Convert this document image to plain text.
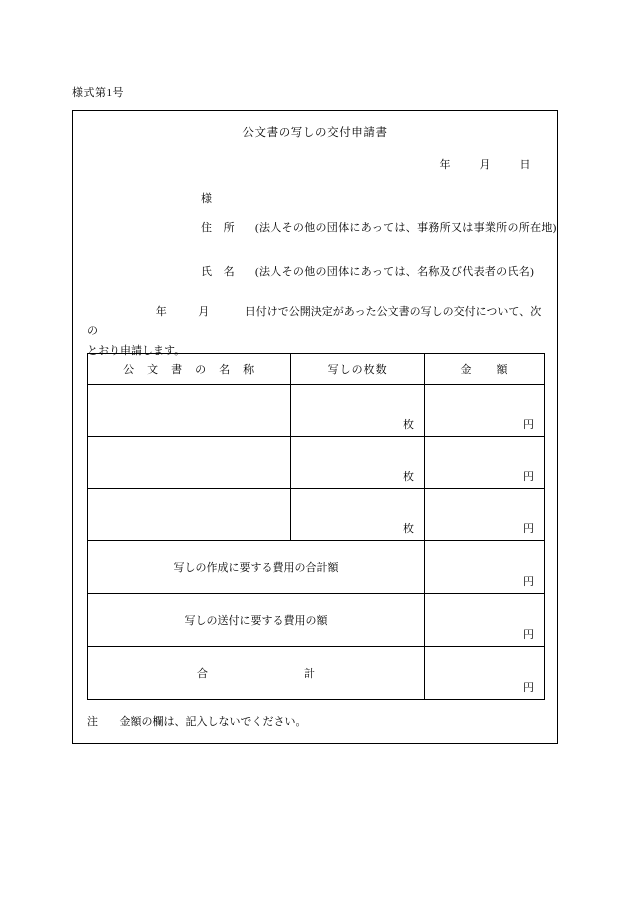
様式第1号
公文書の写しの交付申請書
年	月	日
様
住　所 (法人その他の団体にあっては、事務所又は事業所の所在地)
氏　名 (法人その他の団体にあっては、名称及び代表者の氏名)
年	月	日付けで公開決定があった公文書の写しの交付について、次の
とおり申請します。
公　文　書　の　名　称	写しの枚数	金　　額

	枚	円

	枚	円

	枚	円

写しの作成に要する費用の合計額		円

写しの送付に要する費用の額		円

合 計		円
注 金額の欄は、記入しないでください。
